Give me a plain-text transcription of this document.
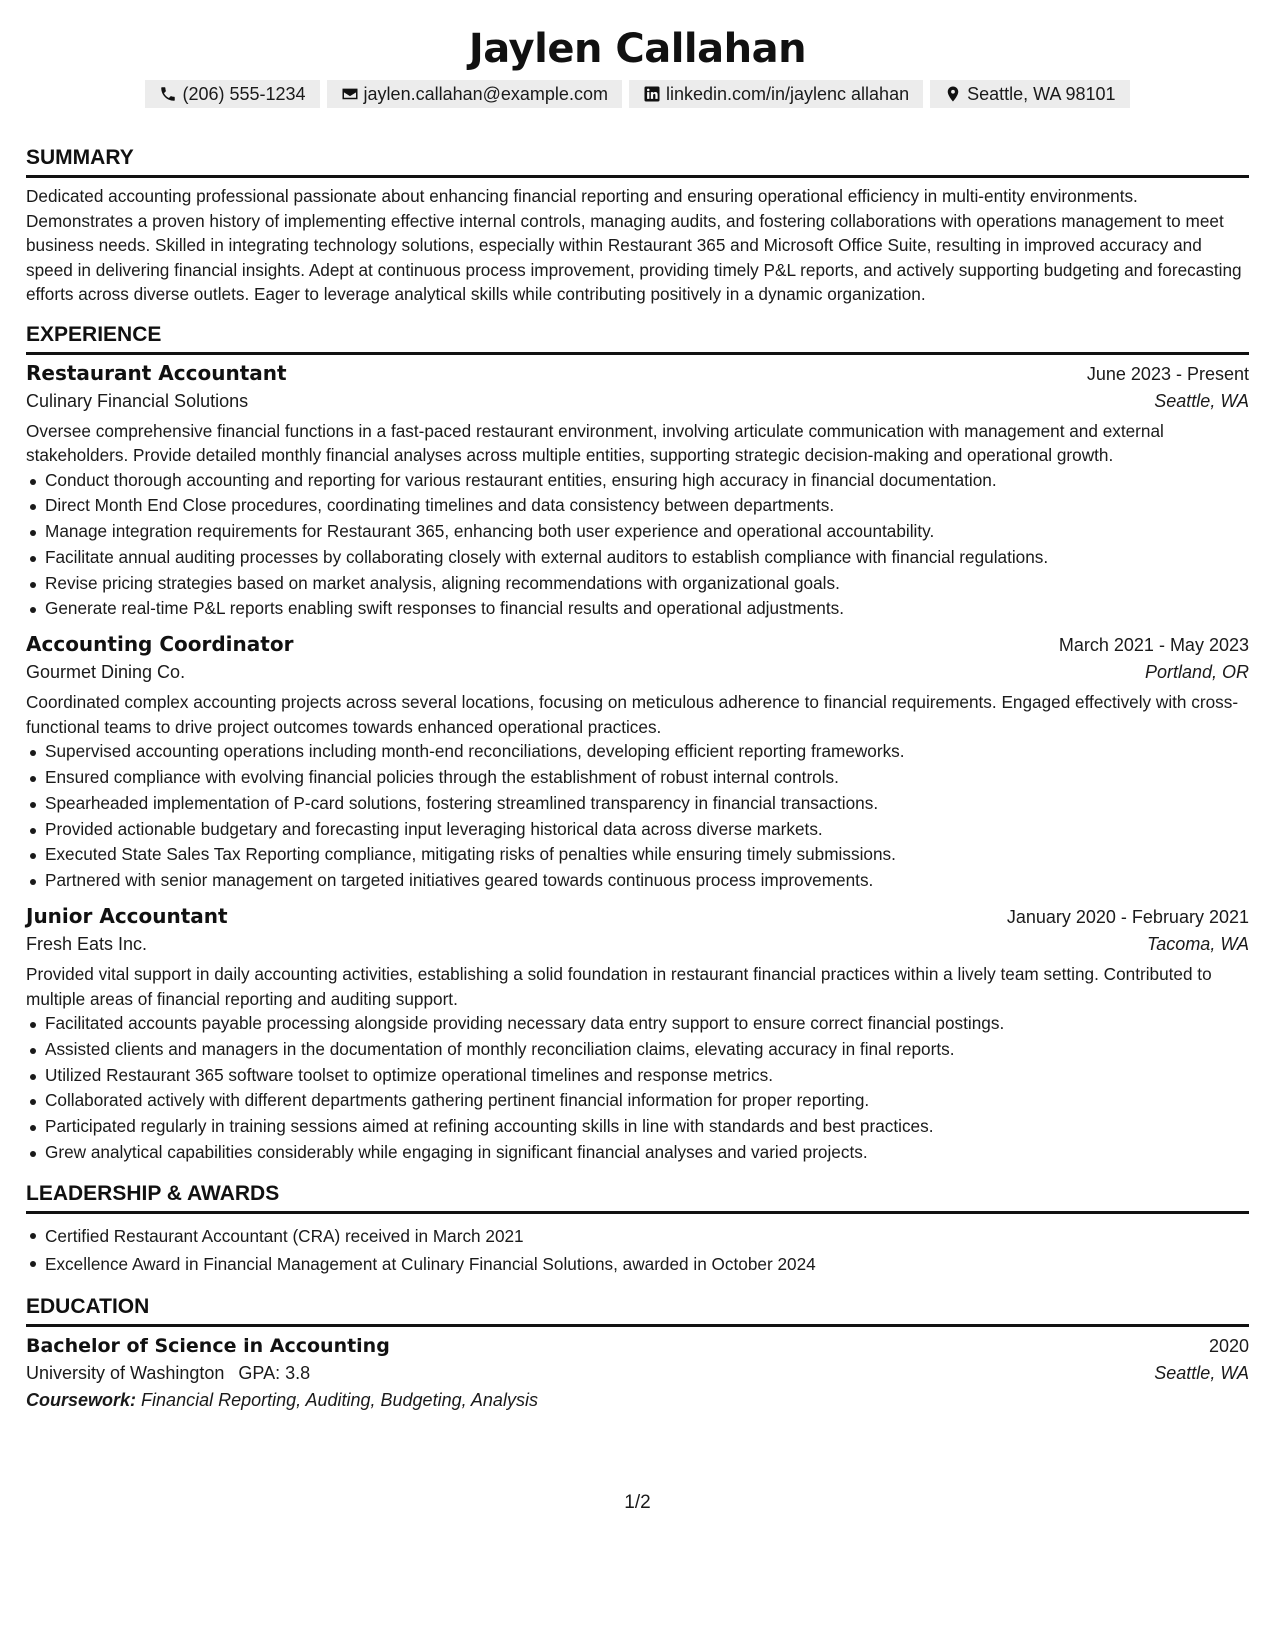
Jaylen Callahan
(206) 555-1234	jaylen.callahan@example.com	linkedin.com/in/jaylenc allahan	Seattle, WA 98101
SUMMARY
Dedicated accounting professional passionate about enhancing financial reporting and ensuring operational efficiency in multi-entity environments. Demonstrates a proven history of implementing effective internal controls, managing audits, and fostering collaborations with operations management to meet business needs. Skilled in integrating technology solutions, especially within Restaurant 365 and Microsoft Office Suite, resulting in improved accuracy and speed in delivering financial insights. Adept at continuous process improvement, providing timely P&L reports, and actively supporting budgeting and forecasting efforts across diverse outlets. Eager to leverage analytical skills while contributing positively in a dynamic organization.
EXPERIENCE
Restaurant Accountant	June 2023 - Present
Culinary Financial Solutions	Seattle, WA
Oversee comprehensive financial functions in a fast-paced restaurant environment, involving articulate communication with management and external stakeholders. Provide detailed monthly financial analyses across multiple entities, supporting strategic decision-making and operational growth.
Conduct thorough accounting and reporting for various restaurant entities, ensuring high accuracy in financial documentation.
Direct Month End Close procedures, coordinating timelines and data consistency between departments.
Manage integration requirements for Restaurant 365, enhancing both user experience and operational accountability.
Facilitate annual auditing processes by collaborating closely with external auditors to establish compliance with financial regulations.
Revise pricing strategies based on market analysis, aligning recommendations with organizational goals.
Generate real-time P&L reports enabling swift responses to financial results and operational adjustments.
Accounting Coordinator	March 2021 - May 2023
Gourmet Dining Co.	Portland, OR
Coordinated complex accounting projects across several locations, focusing on meticulous adherence to financial requirements. Engaged effectively with cross-functional teams to drive project outcomes towards enhanced operational practices.
Supervised accounting operations including month-end reconciliations, developing efficient reporting frameworks.
Ensured compliance with evolving financial policies through the establishment of robust internal controls.
Spearheaded implementation of P-card solutions, fostering streamlined transparency in financial transactions.
Provided actionable budgetary and forecasting input leveraging historical data across diverse markets.
Executed State Sales Tax Reporting compliance, mitigating risks of penalties while ensuring timely submissions.
Partnered with senior management on targeted initiatives geared towards continuous process improvements.
Junior Accountant	January 2020 - February 2021
Fresh Eats Inc.	Tacoma, WA
Provided vital support in daily accounting activities, establishing a solid foundation in restaurant financial practices within a lively team setting. Contributed to multiple areas of financial reporting and auditing support.
Facilitated accounts payable processing alongside providing necessary data entry support to ensure correct financial postings.
Assisted clients and managers in the documentation of monthly reconciliation claims, elevating accuracy in final reports.
Utilized Restaurant 365 software toolset to optimize operational timelines and response metrics.
Collaborated actively with different departments gathering pertinent financial information for proper reporting.
Participated regularly in training sessions aimed at refining accounting skills in line with standards and best practices.
Grew analytical capabilities considerably while engaging in significant financial analyses and varied projects.
LEADERSHIP & AWARDS
Certified Restaurant Accountant (CRA) received in March 2021
Excellence Award in Financial Management at Culinary Financial Solutions, awarded in October 2024
EDUCATION
Bachelor of Science in Accounting	2020
University of Washington GPA: 3.8	Seattle, WA
Coursework: Financial Reporting, Auditing, Budgeting, Analysis
1/2
